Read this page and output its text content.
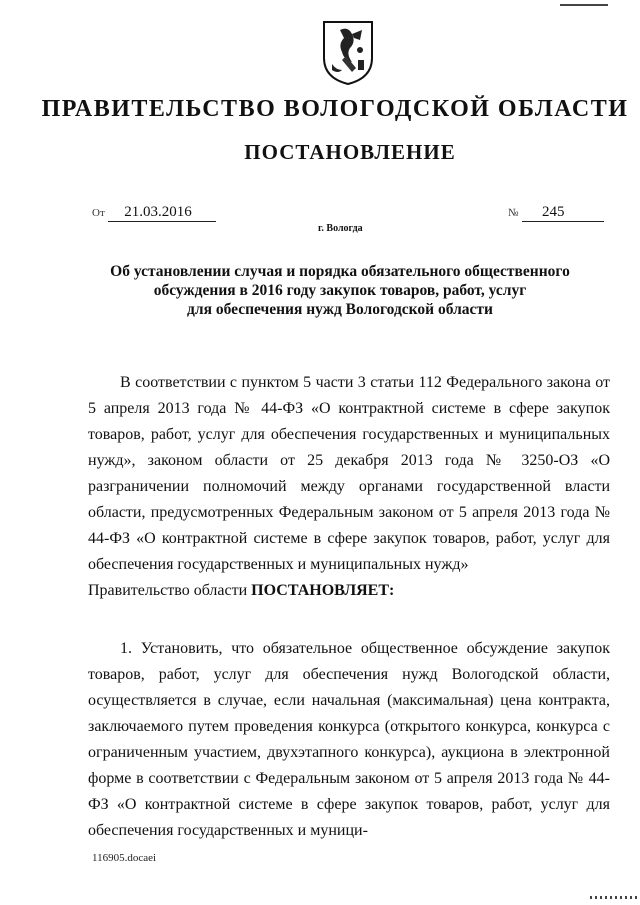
ПРАВИТЕЛЬСТВО ВОЛОГОДСКОЙ ОБЛАСТИ
ПОСТАНОВЛЕНИЕ
От 21.03.2016	№ 245
г. Вологда
Об установлении случая и порядка обязательного общественного
обсуждения в 2016 году закупок товаров, работ, услуг
для обеспечения нужд Вологодской области

В соответствии с пунктом 5 части 3 статьи 112 Федерального закона от 5 апреля 2013 года № 44-ФЗ «О контрактной системе в сфере закупок товаров, работ, услуг для обеспечения государственных и муниципальных нужд», законом области от 25 декабря 2013 года № 3250-ОЗ «О разграничении полномочий между органами государственной власти области, предусмотренных Федеральным законом от 5 апреля 2013 года № 44-ФЗ «О контрактной системе в сфере закупок товаров, работ, услуг для обеспечения государственных и муниципальных нужд»

Правительство области ПОСТАНОВЛЯЕТ:

1. Установить, что обязательное общественное обсуждение закупок товаров, работ, услуг для обеспечения нужд Вологодской области, осуществляется в случае, если начальная (максимальная) цена контракта, заключаемого путем проведения конкурса (открытого конкурса, конкурса с ограниченным участием, двухэтапного конкурса), аукциона в электронной форме в соответствии с Федеральным законом от 5 апреля 2013 года № 44-ФЗ «О контрактной системе в сфере закупок товаров, работ, услуг для обеспечения государственных и муници-

116905.docaei
